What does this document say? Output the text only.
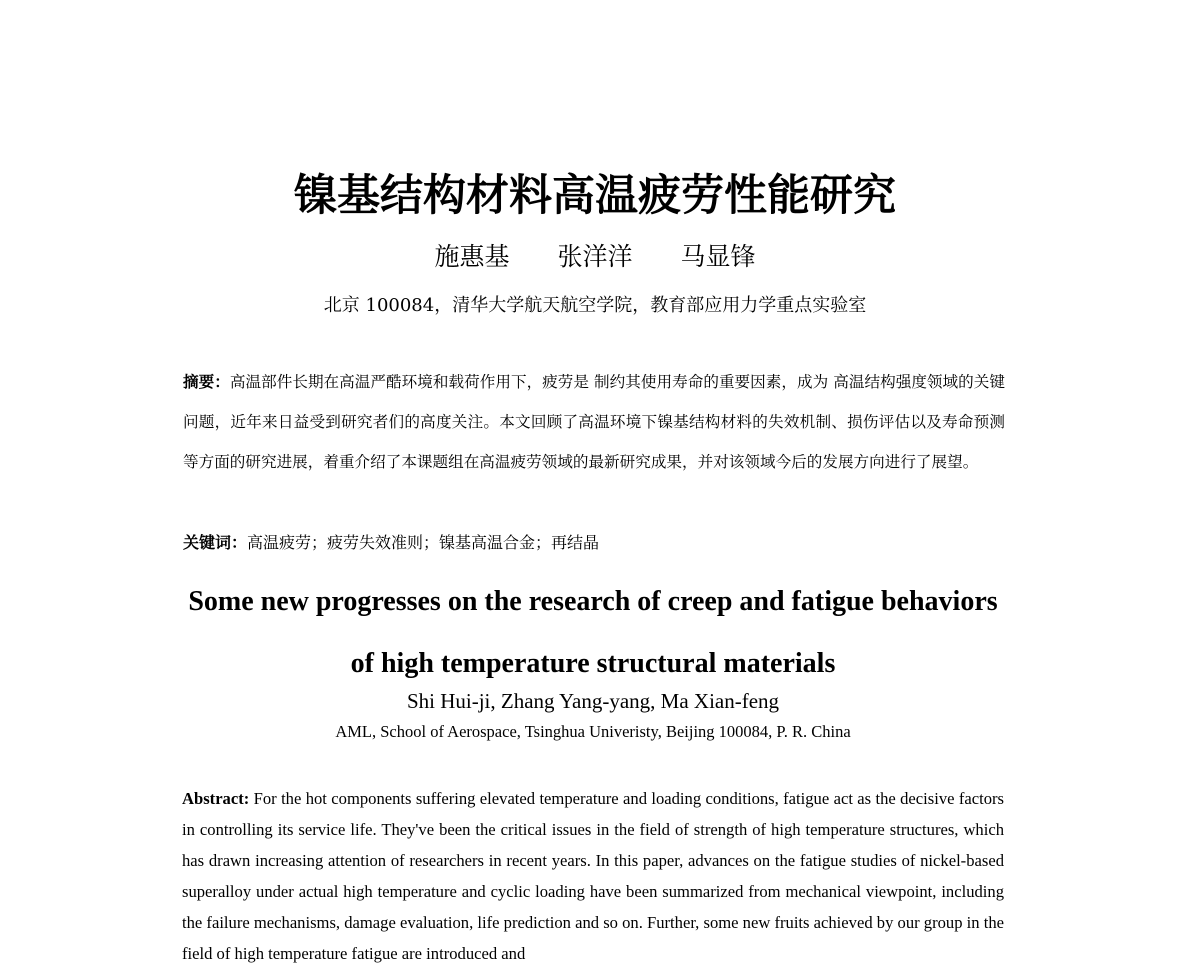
镍基结构材料高温疲劳性能研究
施惠基 张洋洋 马显锋
北京 100084，清华大学航天航空学院，教育部应用力学重点实验室
摘要：高温部件长期在高温严酷环境和载荷作用下，疲劳是 制约其使用寿命的重要因素，成为 高温结构强度领域的关键问题，近年来日益受到研究者们的高度关注。本文回顾了高温环境下镍基结构材料的失效机制、损伤评估以及寿命预测等方面的研究进展，着重介绍了本课题组在高温疲劳领域的最新研究成果，并对该领域今后的发展方向进行了展望。
关键词：高温疲劳；疲劳失效准则；镍基高温合金；再结晶
Some new progresses on the research of creep and fatigue behaviors
of high temperature structural materials
Shi Hui-ji, Zhang Yang-yang, Ma Xian-feng
AML, School of Aerospace, Tsinghua Univeristy, Beijing 100084, P. R. China
Abstract: For the hot components suffering elevated temperature and loading conditions, fatigue act as the decisive factors in controlling its service life. They've been the critical issues in the field of strength of high temperature structures, which has drawn increasing attention of researchers in recent years. In this paper, advances on the fatigue studies of nickel-based superalloy under actual high temperature and cyclic loading have been summarized from mechanical viewpoint, including the failure mechanisms, damage evaluation, life prediction and so on. Further, some new fruits achieved by our group in the field of high temperature fatigue are introduced and
